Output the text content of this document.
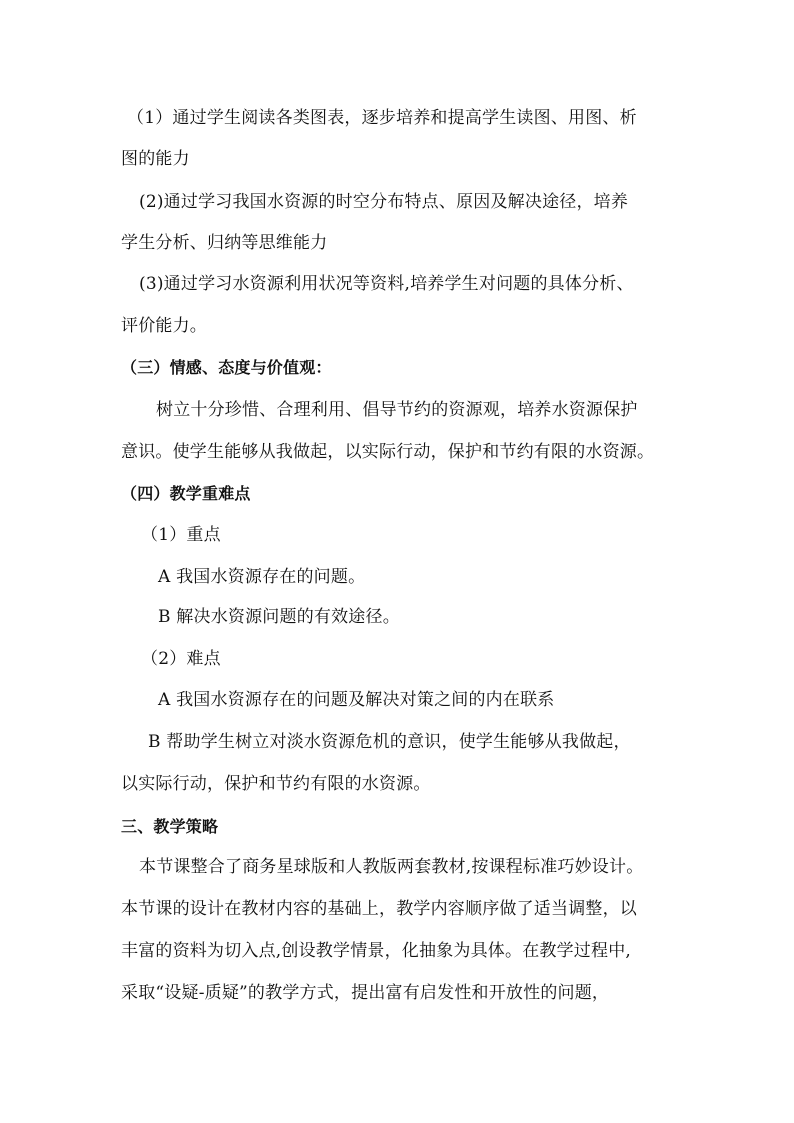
（1）通过学生阅读各类图表，逐步培养和提高学生读图、用图、析
图的能力
(2)通过学习我国水资源的时空分布特点、原因及解决途径，培养
学生分析、归纳等思维能力
(3)通过学习水资源利用状况等资料,培养学生对问题的具体分析、
评价能力。
（三）情感、态度与价值观：
树立十分珍惜、合理利用、倡导节约的资源观，培养水资源保护
意识。使学生能够从我做起，以实际行动，保护和节约有限的水资源。
（四）教学重难点
（1）重点
A 我国水资源存在的问题。
B 解决水资源问题的有效途径。
（2）难点
A 我国水资源存在的问题及解决对策之间的内在联系
B 帮助学生树立对淡水资源危机的意识，使学生能够从我做起，
以实际行动，保护和节约有限的水资源。
三、教学策略
本节课整合了商务星球版和人教版两套教材,按课程标准巧妙设计。
本节课的设计在教材内容的基础上，教学内容顺序做了适当调整，以
丰富的资料为切入点,创设教学情景，化抽象为具体。在教学过程中,
采取“设疑-质疑”的教学方式，提出富有启发性和开放性的问题，
